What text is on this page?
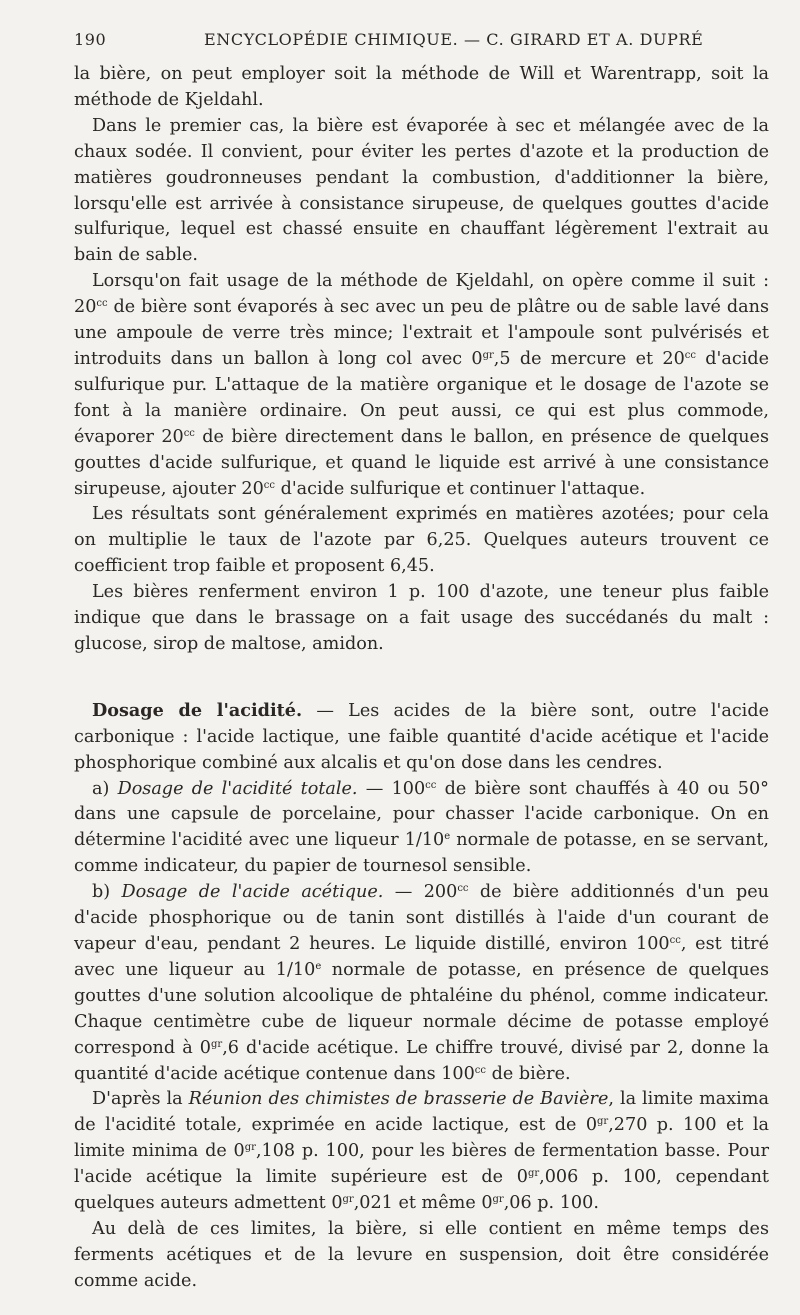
190	ENCYCLOPÉDIE CHIMIQUE. — C. GIRARD ET A. DUPRÉ

la bière, on peut employer soit la méthode de Will et Warentrapp, soit la méthode de Kjeldahl.

Dans le premier cas, la bière est évaporée à sec et mélangée avec de la chaux sodée. Il convient, pour éviter les pertes d'azote et la production de matières goudronneuses pendant la combustion, d'additionner la bière, lorsqu'elle est arrivée à consistance sirupeuse, de quelques gouttes d'acide sulfurique, lequel est chassé ensuite en chauffant légèrement l'extrait au bain de sable.

Lorsqu'on fait usage de la méthode de Kjeldahl, on opère comme il suit : $20^{cc}$ de bière sont évaporés à sec avec un peu de plâtre ou de sable lavé dans une ampoule de verre très mince; l'extrait et l'ampoule sont pulvérisés et introduits dans un ballon à long col avec $0^{gr},5$ de mercure et $20^{cc}$ d'acide sulfurique pur. L'attaque de la matière organique et le dosage de l'azote se font à la manière ordinaire. On peut aussi, ce qui est plus commode, évaporer $20^{cc}$ de bière directement dans le ballon, en présence de quelques gouttes d'acide sulfurique, et quand le liquide est arrivé à une consistance sirupeuse, ajouter $20^{cc}$ d'acide sulfurique et continuer l'attaque.

Les résultats sont généralement exprimés en matières azotées; pour cela on multiplie le taux de l'azote par 6,25. Quelques auteurs trouvent ce coefficient trop faible et proposent 6,45.

Les bières renferment environ 1 p. 100 d'azote, une teneur plus faible indique que dans le brassage on a fait usage des succédanés du malt : glucose, sirop de maltose, amidon.

Dosage de l'acidité. — Les acides de la bière sont, outre l'acide carbonique : l'acide lactique, une faible quantité d'acide acétique et l'acide phosphorique combiné aux alcalis et qu'on dose dans les cendres.

a) Dosage de l'acidité totale. — $100^{cc}$ de bière sont chauffés à 40 ou 50° dans une capsule de porcelaine, pour chasser l'acide carbonique. On en détermine l'acidité avec une liqueur 1/10e normale de potasse, en se servant, comme indicateur, du papier de tournesol sensible.

b) Dosage de l'acide acétique. — $200^{cc}$ de bière additionnés d'un peu d'acide phosphorique ou de tanin sont distillés à l'aide d'un courant de vapeur d'eau, pendant 2 heures. Le liquide distillé, environ $100^{cc}$, est titré avec une liqueur au 1/10e normale de potasse, en présence de quelques gouttes d'une solution alcoolique de phtaléine du phénol, comme indicateur. Chaque centimètre cube de liqueur normale décime de potasse employé correspond à $0^{gr},6$ d'acide acétique. Le chiffre trouvé, divisé par 2, donne la quantité d'acide acétique contenue dans $100^{cc}$ de bière.

D'après la Réunion des chimistes de brasserie de Bavière, la limite maxima de l'acidité totale, exprimée en acide lactique, est de $0^{gr},270$ p. 100 et la limite minima de $0^{gr},108$ p. 100, pour les bières de fermentation basse. Pour l'acide acétique la limite supérieure est de $0^{gr},006$ p. 100, cependant quelques auteurs admettent $0^{gr},021$ et même $0^{gr},06$ p. 100.

Au delà de ces limites, la bière, si elle contient en même temps des ferments acétiques et de la levure en suspension, doit être considérée comme acide.
